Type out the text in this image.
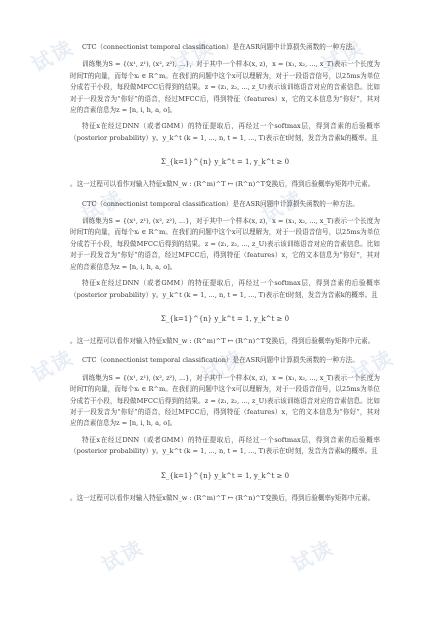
试读	试读	试读
试读	试读
试读	试读	试读
试读	试读

CTC（connectionist temporal classification）是在ASR问题中计算损失函数的一种方法。

训练集为S = {(x¹, z¹), (x², z²), ...}，对于其中一个样本(x, z)，x = (x₁, x₂, ..., x_T)表示一个长度为时间T的向量，而每个xᵢ ∈ R^m。在我们的问题中这个x可以理解为，对于一段语音信号，以25ms为单位分成若干小段，每段做MFCC后得到的结果。z = (z₁, z₂, ..., z_U)表示该训练语音对应的音素信息。比如对于一段发音为“你好”的语音，经过MFCC后，得到特征（features）x，它的文本信息为“你好”，其对应的音素信息为z = [n, i, h, a, o]。

特征x在经过DNN（或者GMM）的特征提取后，再经过一个softmax层，得到音素的后验概率（posterior probability）y。y_k^t (k = 1, ..., n, t = 1, ..., T)表示在t时刻，发音为音素k的概率。且

Σ_{k=1}^{n} y_k^t = 1, y_k^t ≥ 0

。这一过程可以看作对输入特征x做N_w : (R^m)^T ↦ (R^n)^T变换后，得到后验概率y矩阵中元素。

CTC（connectionist temporal classification）是在ASR问题中计算损失函数的一种方法。

训练集为S = {(x¹, z¹), (x², z²), ...}，对于其中一个样本(x, z)，x = (x₁, x₂, ..., x_T)表示一个长度为时间T的向量，而每个xᵢ ∈ R^m。在我们的问题中这个x可以理解为，对于一段语音信号，以25ms为单位分成若干小段，每段做MFCC后得到的结果。z = (z₁, z₂, ..., z_U)表示该训练语音对应的音素信息。比如对于一段发音为“你好”的语音，经过MFCC后，得到特征（features）x，它的文本信息为“你好”，其对应的音素信息为z = [n, i, h, a, o]。

特征x在经过DNN（或者GMM）的特征提取后，再经过一个softmax层，得到音素的后验概率（posterior probability）y。y_k^t (k = 1, ..., n, t = 1, ..., T)表示在t时刻，发音为音素k的概率。且

Σ_{k=1}^{n} y_k^t = 1, y_k^t ≥ 0

。这一过程可以看作对输入特征x做N_w : (R^m)^T ↦ (R^n)^T变换后，得到后验概率y矩阵中元素。

CTC（connectionist temporal classification）是在ASR问题中计算损失函数的一种方法。

训练集为S = {(x¹, z¹), (x², z²), ...}，对于其中一个样本(x, z)，x = (x₁, x₂, ..., x_T)表示一个长度为时间T的向量，而每个xᵢ ∈ R^m。在我们的问题中这个x可以理解为，对于一段语音信号，以25ms为单位分成若干小段，每段做MFCC后得到的结果。z = (z₁, z₂, ..., z_U)表示该训练语音对应的音素信息。比如对于一段发音为“你好”的语音，经过MFCC后，得到特征（features）x，它的文本信息为“你好”，其对应的音素信息为z = [n, i, h, a, o]。

特征x在经过DNN（或者GMM）的特征提取后，再经过一个softmax层，得到音素的后验概率（posterior probability）y。y_k^t (k = 1, ..., n, t = 1, ..., T)表示在t时刻，发音为音素k的概率。且

Σ_{k=1}^{n} y_k^t = 1, y_k^t ≥ 0

。这一过程可以看作对输入特征x做N_w : (R^m)^T ↦ (R^n)^T变换后，得到后验概率y矩阵中元素。
